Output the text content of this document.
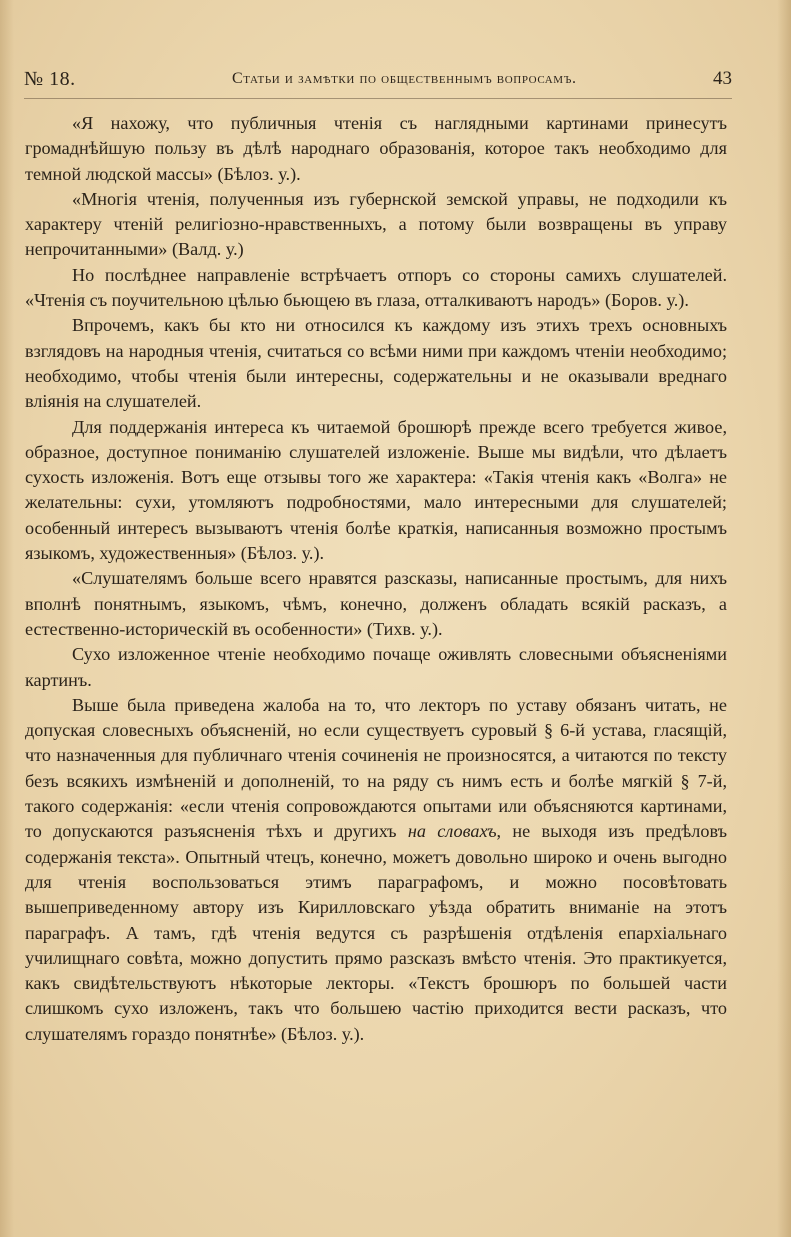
№ 18.	Статьи и замѣтки по общественнымъ вопросамъ.	43

«Я нахожу, что публичныя чтенія съ наглядными картинами принесутъ громаднѣйшую пользу въ дѣлѣ народнаго образованія, которое такъ необходимо для темной людской массы» (Бѣлоз. у.).

«Многія чтенія, полученныя изъ губернской земской управы, не подходили къ характеру чтеній религіозно-нравственныхъ, а потому были возвращены въ управу непрочитанными» (Валд. у.)

Но послѣднее направленіе встрѣчаетъ отпоръ со стороны самихъ слушателей. «Чтенія съ поучительною цѣлью бьющею въ глаза, отталкиваютъ народъ» (Боров. у.).

Впрочемъ, какъ бы кто ни относился къ каждому изъ этихъ трехъ основныхъ взглядовъ на народныя чтенія, считаться со всѣми ними при каждомъ чтеніи необходимо; необходимо, чтобы чтенія были интересны, содержательны и не оказывали вреднаго вліянія на слушателей.

Для поддержанія интереса къ читаемой брошюрѣ прежде всего требуется живое, образное, доступное пониманію слушателей изложеніе. Выше мы видѣли, что дѣлаетъ сухость изложенія. Вотъ еще отзывы того же характера: «Такія чтенія какъ «Волга» не желательны: сухи, утомляютъ подробностями, мало интересными для слушателей; особенный интересъ вызываютъ чтенія болѣе краткія, написанныя возможно простымъ языкомъ, художественныя» (Бѣлоз. у.).

«Слушателямъ больше всего нравятся разсказы, написанные простымъ, для нихъ вполнѣ понятнымъ, языкомъ, чѣмъ, конечно, долженъ обладать всякій расказъ, а естественно-историческій въ особенности» (Тихв. у.).

Сухо изложенное чтеніе необходимо почаще оживлять словесными объясненіями картинъ.

Выше была приведена жалоба на то, что лекторъ по уставу обязанъ читать, не допуская словесныхъ объясненій, но если существуетъ суровый § 6-й устава, гласящій, что назначенныя для публичнаго чтенія сочиненія не произносятся, а читаются по тексту безъ всякихъ измѣненій и дополненій, то на ряду съ нимъ есть и болѣе мягкій § 7-й, такого содержанія: «если чтенія сопровождаются опытами или объясняются картинами, то допускаются разъясненія тѣхъ и другихъ на словахъ, не выходя изъ предѣловъ содержанія текста». Опытный чтецъ, конечно, можетъ довольно широко и очень выгодно для чтенія воспользоваться этимъ параграфомъ, и можно посовѣтовать вышеприведенному автору изъ Кирилловскаго уѣзда обратить вниманіе на этотъ параграфъ. А тамъ, гдѣ чтенія ведутся съ разрѣшенія отдѣленія епархіальнаго училищнаго совѣта, можно допустить прямо разсказъ вмѣсто чтенія. Это практикуется, какъ свидѣтельствуютъ нѣкоторые лекторы. «Текстъ брошюръ по большей части слишкомъ сухо изложенъ, такъ что большею частію приходится вести расказъ, что слушателямъ гораздо понятнѣе» (Бѣлоз. у.).
